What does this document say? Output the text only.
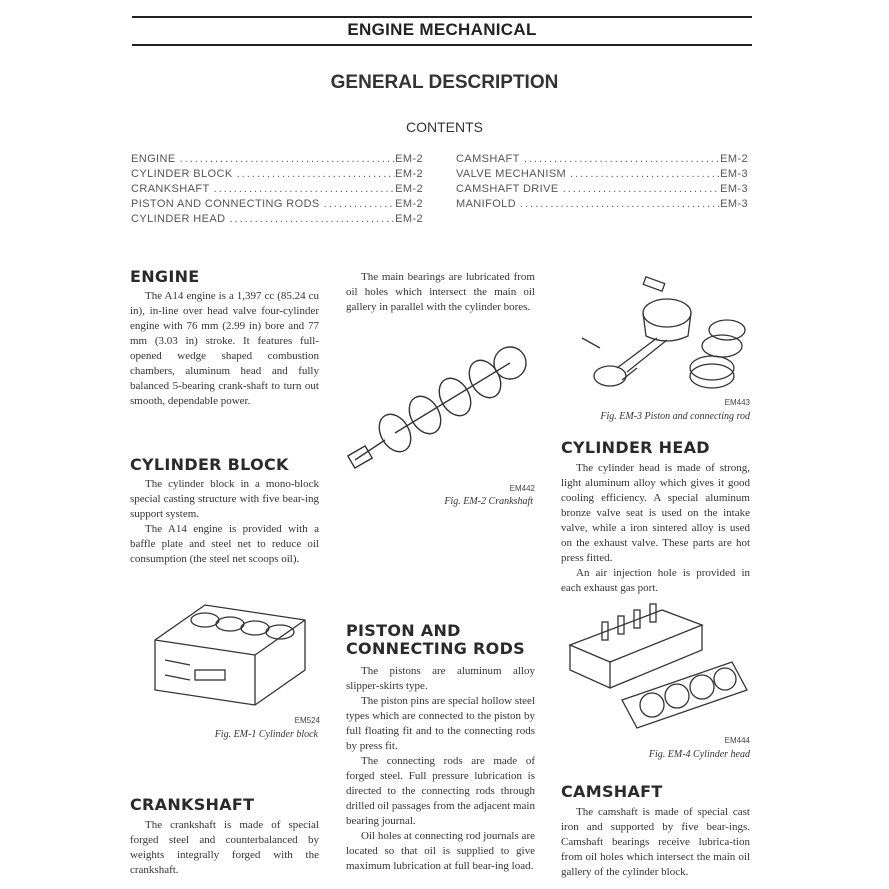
ENGINE MECHANICAL
GENERAL DESCRIPTION
CONTENTS
ENGINE .....	EM-2
CYLINDER BLOCK .....	EM-2
CRANKSHAFT .....	EM-2
PISTON AND CONNECTING RODS .....	EM-2
CYLINDER HEAD .....	EM-2
CAMSHAFT .....	EM-2
VALVE MECHANISM .....	EM-3
CAMSHAFT DRIVE .....	EM-3
MANIFOLD .....	EM-3
ENGINE
The A14 engine is a 1,397 cc (85.24 cu in), in-line over head valve four-cylinder engine with 76 mm (2.99 in) bore and 77 mm (3.03 in) stroke. It features full-opened wedge shaped combustion chambers, aluminum head and fully balanced 5-bearing crank-shaft to turn out smooth, dependable power.
CYLINDER BLOCK
The cylinder block in a mono-block special casting structure with five bear-ing support system.
The A14 engine is provided with a baffle plate and steel net to reduce oil consumption (the steel net scoops oil).
EM524
Fig. EM-1 Cylinder block
CRANKSHAFT
The crankshaft is made of special forged steel and counterbalanced by weights integrally forged with the crankshaft.
The main bearings are lubricated from oil holes which intersect the main oil gallery in parallel with the cylinder bores.
EM442
Fig. EM-2 Crankshaft
PISTON AND
CONNECTING RODS
The pistons are aluminum alloy slipper-skirts type.
The piston pins are special hollow steel types which are connected to the piston by full floating fit and to the connecting rods by press fit.
The connecting rods are made of forged steel. Full pressure lubrication is directed to the connecting rods through drilled oil passages from the adjacent main bearing journal.
Oil holes at connecting rod journals are located so that oil is supplied to give maximum lubrication at full bear-ing load.
EM443
Fig. EM-3 Piston and connecting rod
CYLINDER HEAD
The cylinder head is made of strong, light aluminum alloy which gives it good cooling efficiency. A special aluminum bronze valve seat is used on the intake valve, while a iron sintered alloy is used on the exhaust valve. These parts are hot press fitted.
An air injection hole is provided in each exhaust gas port.
EM444
Fig. EM-4 Cylinder head
CAMSHAFT
The camshaft is made of special cast iron and supported by five bear-ings. Camshaft bearings receive lubrica-tion from oil holes which intersect the main oil gallery of the cylinder block.
